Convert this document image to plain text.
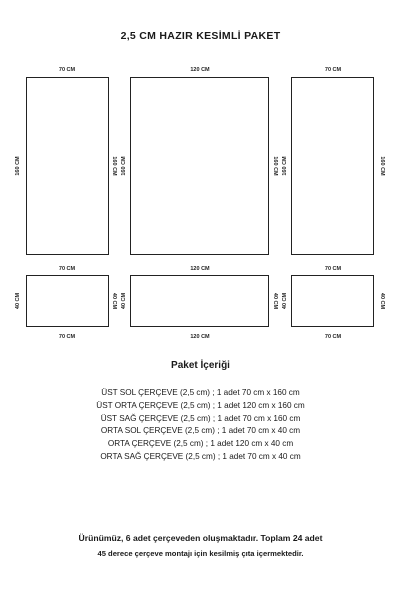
2,5 CM HAZIR KESİMLİ PAKET
70 CM	120 CM	70 CM
160 CM	160 CM 160 CM	160 CM 160 CM	160 CM
70 CM	120 CM	70 CM
70 CM	120 CM	70 CM
40 CM	40 CM 40 CM	40 CM 40 CM	40 CM
Paket İçeriği
ÜST SOL ÇERÇEVE (2,5 cm) ; 1 adet 70 cm x 160 cm
ÜST ORTA ÇERÇEVE (2,5 cm) ; 1 adet 120 cm x 160 cm
ÜST SAĞ ÇERÇEVE (2,5 cm) ; 1 adet 70 cm x 160 cm
ORTA SOL ÇERÇEVE (2,5 cm) ; 1 adet 70 cm x 40 cm
ORTA ÇERÇEVE (2,5 cm) ; 1 adet 120 cm x 40 cm
ORTA SAĞ ÇERÇEVE (2,5 cm) ; 1 adet 70 cm x 40 cm
Ürünümüz, 6 adet çerçeveden oluşmaktadır. Toplam 24 adet
45 derece çerçeve montajı için kesilmiş çıta içermektedir.
